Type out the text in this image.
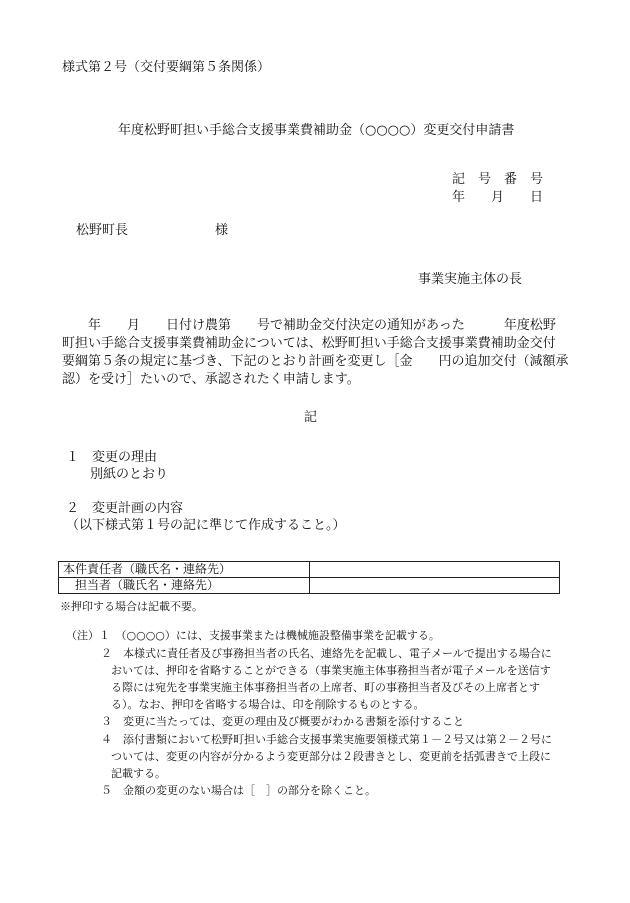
様式第２号（交付要綱第５条関係）
年度松野町担い手総合支援事業費補助金（○○○○）変更交付申請書
記　号　番　号
年　　月　　日
松野町長	様
事業実施主体の長
　　年　　月　　日付け農第　　号で補助金交付決定の通知があった　　　年度松野
町担い手総合支援事業費補助金については、松野町担い手総合支援事業費補助金交付
要綱第５条の規定に基づき、下記のとおり計画を変更し［金　　円の追加交付（減額承
認）を受け］たいので、承認されたく申請します。
記
１　変更の理由
別紙のとおり
２　変更計画の内容
（以下様式第１号の記に準じて作成すること。）
本件責任者（職氏名・連絡先）	
　担当者（職氏名・連絡先）	
※押印する場合は記載不要。
（注）１　（○○○○）には、支援事業または機械施設整備事業を記載する。
２　本様式に責任者及び事務担当者の氏名、連絡先を記載し、電子メールで提出する場合に
おいては、押印を省略することができる（事業実施主体事務担当者が電子メールを送信す
る際には宛先を事業実施主体事務担当者の上席者、町の事務担当者及びその上席者とす
る）。なお、押印を省略する場合は、印を削除するものとする。
３　変更に当たっては、変更の理由及び概要がわかる書類を添付すること
４　添付書類において松野町担い手総合支援事業実施要領様式第１－２号又は第２－２号に
ついては、変更の内容が分かるよう変更部分は２段書きとし、変更前を括弧書きで上段に
記載する。
５　金額の変更のない場合は［　］の部分を除くこと。
